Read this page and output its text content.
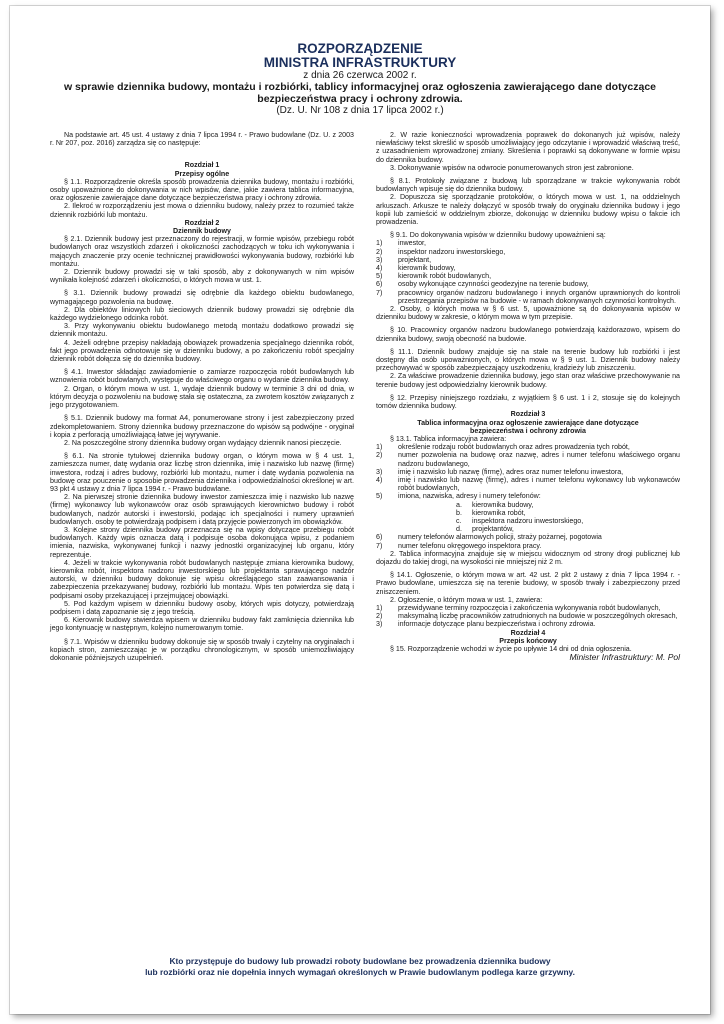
ROZPORZĄDZENIE
MINISTRA INFRASTRUKTURY
z dnia 26 czerwca 2002 r.
w sprawie dziennika budowy, montażu i rozbiórki, tablicy informacyjnej oraz ogłoszenia zawierającego dane dotyczące bezpieczeństwa pracy i ochrony zdrowia.
(Dz. U. Nr 108 z dnia 17 lipca 2002 r.)

Na podstawie art. 45 ust. 4 ustawy z dnia 7 lipca 1994 r. - Prawo budowlane (Dz. U. z 2003 r. Nr 207, poz. 2016) zarządza się co następuje:

Rozdział 1

Przepisy ogólne

§ 1.1. Rozporządzenie określa sposób prowadzenia dziennika budowy, montażu i rozbiórki, osoby upoważnione do dokonywania w nich wpisów, dane, jakie zawiera tablica informacyjna, oraz ogłoszenie zawierające dane dotyczące bezpieczeństwa pracy i ochrony zdrowia.

2. Ilekroć w rozporządzeniu jest mowa o dzienniku budowy, należy przez to rozumieć także dziennik rozbiórki lub montażu.

Rozdział 2

Dziennik budowy

§ 2.1. Dziennik budowy jest przeznaczony do rejestracji, w formie wpisów, przebiegu robót budowlanych oraz wszystkich zdarzeń i okoliczności zachodzących w toku ich wykonywania i mających znaczenie przy ocenie technicznej prawidłowości wykonywania budowy, rozbiórki lub montażu.

2. Dziennik budowy prowadzi się w taki sposób, aby z dokonywanych w nim wpisów wynikała kolejność zdarzeń i okoliczności, o których mowa w ust. 1.

§ 3.1. Dziennik budowy prowadzi się odrębnie dla każdego obiektu budowlanego, wymagającego pozwolenia na budowę.

2. Dla obiektów liniowych lub sieciowych dziennik budowy prowadzi się odrębnie dla każdego wydzielonego odcinka robót.

3. Przy wykonywaniu obiektu budowlanego metodą montażu dodatkowo prowadzi się dziennik montażu.

4. Jeżeli odrębne przepisy nakładają obowiązek prowadzenia specjalnego dziennika robót, fakt jego prowadzenia odnotowuje się w dzienniku budowy, a po zakończeniu robót specjalny dziennik robót dołącza się do dziennika budowy.

§ 4.1. Inwestor składając zawiadomienie o zamiarze rozpoczęcia robót budowlanych lub wznowienia robót budowlanych, występuje do właściwego organu o wydanie dziennika budowy.

2. Organ, o którym mowa w ust. 1, wydaje dziennik budowy w terminie 3 dni od dnia, w którym decyzja o pozwoleniu na budowę stała się ostateczna, za zwrotem kosztów związanych z jego przygotowaniem.

§ 5.1. Dziennik budowy ma format A4, ponumerowane strony i jest zabezpieczony przed zdekompletowaniem. Strony dziennika budowy przeznaczone do wpisów są podwójne - oryginał i kopia z perforacją umożliwiającą łatwe jej wyrywanie.

2. Na poszczególne strony dziennika budowy organ wydający dziennik nanosi pieczęcie.

§ 6.1. Na stronie tytułowej dziennika budowy organ, o którym mowa w § 4 ust. 1, zamieszcza numer, datę wydania oraz liczbę stron dziennika, imię i nazwisko lub nazwę (firmę) inwestora, rodzaj i adres budowy, rozbiórki lub montażu, numer i datę wydania pozwolenia na budowę oraz pouczenie o sposobie prowadzenia dziennika i odpowiedzialności określonej w art. 93 pkt 4 ustawy z dnia 7 lipca 1994 r. - Prawo budowlane.

2. Na pierwszej stronie dziennika budowy inwestor zamieszcza imię i nazwisko lub nazwę (firmę) wykonawcy lub wykonawców oraz osób sprawujących kierownictwo budowy i robót budowlanych, nadzór autorski i inwestorski, podając ich specjalności i numery uprawnień budowlanych. osoby te potwierdzają podpisem i datą przyjęcie powierzonych im obowiązków.

3. Kolejne strony dziennika budowy przeznacza się na wpisy dotyczące przebiegu robót budowlanych. Każdy wpis oznacza datą i podpisuje osoba dokonująca wpisu, z podaniem imienia, nazwiska, wykonywanej funkcji i nazwy jednostki organizacyjnej lub organu, który reprezentuje.

4. Jeżeli w trakcie wykonywania robót budowlanych następuje zmiana kierownika budowy, kierownika robót, inspektora nadzoru inwestorskiego lub projektanta sprawującego nadzór autorski, w dzienniku budowy dokonuje się wpisu określającego stan zaawansowania i zabezpieczenia przekazywanej budowy, rozbiórki lub montażu. Wpis ten potwierdza się datą i podpisami osoby przekazującej i przejmującej obowiązki.

5. Pod każdym wpisem w dzienniku budowy osoby, których wpis dotyczy, potwierdzają podpisem i datą zapoznanie się z jego treścią.

6. Kierownik budowy stwierdza wpisem w dzienniku budowy fakt zamknięcia dziennika lub jego kontynuację w następnym, kolejno numerowanym tomie.

§ 7.1. Wpisów w dzienniku budowy dokonuje się w sposób trwały i czytelny na oryginałach i kopiach stron, zamieszczając je w porządku chronologicznym, w sposób uniemożliwiający dokonanie późniejszych uzupełnień.

2. W razie konieczności wprowadzenia poprawek do dokonanych już wpisów, należy niewłaściwy tekst skreślić w sposób umożliwiający jego odczytanie i wprowadzić właściwą treść, z uzasadnieniem wprowadzonej zmiany. Skreślenia i poprawki są dokonywane w formie wpisu do dziennika budowy.

3. Dokonywanie wpisów na odwrocie ponumerowanych stron jest zabronione.

§ 8.1. Protokoły związane z budową lub sporządzane w trakcie wykonywania robót budowlanych wpisuje się do dziennika budowy.

2. Dopuszcza się sporządzanie protokołów, o których mowa w ust. 1, na oddzielnych arkuszach. Arkusze te należy dołączyć w sposób trwały do oryginału dziennika budowy i jego kopii lub zamieścić w oddzielnym zbiorze, dokonując w dzienniku budowy wpisu o fakcie ich prowadzenia.

§ 9.1. Do dokonywania wpisów w dzienniku budowy upoważnieni są:

1)	inwestor,
2)	inspektor nadzoru inwestorskiego,
3)	projektant,
4)	kierownik budowy,
5)	kierownik robót budowlanych,
6)	osoby wykonujące czynności geodezyjne na terenie budowy,
7)	pracownicy organów nadzoru budowlanego i innych organów uprawnionych do kontroli przestrzegania przepisów na budowie - w ramach dokonywanych czynności kontrolnych.

2. Osoby, o których mowa w § 6 ust. 5, upoważnione są do dokonywania wpisów w dzienniku budowy w zakresie, o którym mowa w tym przepisie.

§ 10. Pracownicy organów nadzoru budowlanego potwierdzają każdorazowo, wpisem do dziennika budowy, swoją obecność na budowie.

§ 11.1. Dziennik budowy znajduje się na stałe na terenie budowy lub rozbiórki i jest dostępny dla osób upoważnionych, o których mowa w § 9 ust. 1. Dziennik budowy należy przechowywać w sposób zabezpieczający uszkodzeniu, kradzieży lub zniszczeniu.

2. Za właściwe prowadzenie dziennika budowy, jego stan oraz właściwe przechowywanie na terenie budowy jest odpowiedzialny kierownik budowy.

§ 12. Przepisy niniejszego rozdziału, z wyjątkiem § 6 ust. 1 i 2, stosuje się do kolejnych tomów dziennika budowy.

Rozdział 3

Tablica informacyjna oraz ogłoszenie zawierające dane dotyczące bezpieczeństwa i ochrony zdrowia

§ 13.1. Tablica informacyjna zawiera:

1)	określenie rodzaju robót budowlanych oraz adres prowadzenia tych robót,
2)	numer pozwolenia na budowę oraz nazwę, adres i numer telefonu właściwego organu nadzoru budowlanego,
3)	imię i nazwisko lub nazwę (firmę), adres oraz numer telefonu inwestora,
4)	imię i nazwisko lub nazwę (firmę), adres i numer telefonu wykonawcy lub wykonawców robót budowlanych,
5)	imiona, nazwiska, adresy i numery telefonów:
a.	kierownika budowy,
b.	kierownika robót,
c.	inspektora nadzoru inwestorskiego,
d.	projektantów,
6)	numery telefonów alarmowych policji, straży pożarnej, pogotowia
7)	numer telefonu okręgowego inspektora pracy.

2. Tablica informacyjna znajduje się w miejscu widocznym od strony drogi publicznej lub dojazdu do takiej drogi, na wysokości nie mniejszej niż 2 m.

§ 14.1. Ogłoszenie, o którym mowa w art. 42 ust. 2 pkt 2 ustawy z dnia 7 lipca 1994 r. - Prawo budowlane, umieszcza się na terenie budowy, w sposób trwały i zabezpieczony przed zniszczeniem.

2. Ogłoszenie, o którym mowa w ust. 1, zawiera:

1)	przewidywane terminy rozpoczęcia i zakończenia wykonywania robót budowlanych,
2)	maksymalną liczbę pracowników zatrudnionych na budowie w poszczególnych okresach,
3)	informacje dotyczące planu bezpieczeństwa i ochrony zdrowia.

Rozdział 4

Przepis końcowy

§ 15. Rozporządzenie wchodzi w życie po upływie 14 dni od dnia ogłoszenia.

Minister Infrastruktury: M. Pol

Kto przystępuje do budowy lub prowadzi roboty budowlane bez prowadzenia dziennika budowy
lub rozbiórki oraz nie dopełnia innych wymagań określonych w Prawie budowlanym podlega karze grzywny.
